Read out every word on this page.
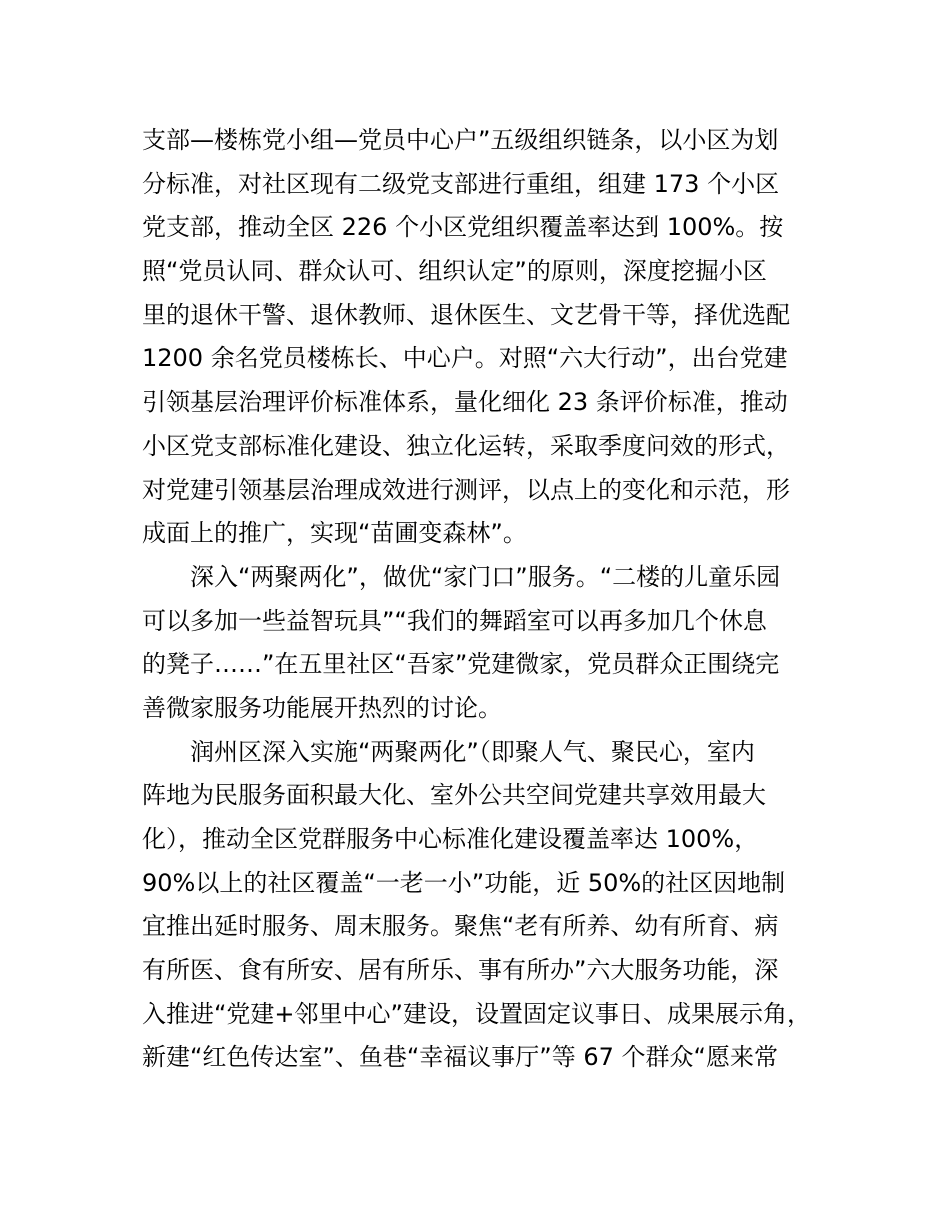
支部—楼栋党小组—党员中心户”五级组织链条，以小区为划
分标准，对社区现有二级党支部进行重组，组建 173 个小区
党支部，推动全区 226 个小区党组织覆盖率达到 100%。按
照“党员认同、群众认可、组织认定”的原则，深度挖掘小区
里的退休干警、退休教师、退休医生、文艺骨干等，择优选配
1200 余名党员楼栋长、中心户。对照“六大行动”，出台党建
引领基层治理评价标准体系，量化细化 23 条评价标准，推动
小区党支部标准化建设、独立化运转，采取季度问效的形式，
对党建引领基层治理成效进行测评，以点上的变化和示范，形
成面上的推广，实现“苗圃变森林”。
深入“两聚两化”，做优“家门口”服务。“二楼的儿童乐园
可以多加一些益智玩具”“我们的舞蹈室可以再多加几个休息
的凳子……”在五里社区“吾家”党建微家，党员群众正围绕完
善微家服务功能展开热烈的讨论。
润州区深入实施“两聚两化”（即聚人气、聚民心，室内
阵地为民服务面积最大化、室外公共空间党建共享效用最大
化），推动全区党群服务中心标准化建设覆盖率达 100%，
90%以上的社区覆盖“一老一小”功能，近 50%的社区因地制
宜推出延时服务、周末服务。聚焦“老有所养、幼有所育、病
有所医、食有所安、居有所乐、事有所办”六大服务功能，深
入推进“党建+邻里中心”建设，设置固定议事日、成果展示角，
新建“红色传达室”、鱼巷“幸福议事厅”等 67 个群众“愿来常
